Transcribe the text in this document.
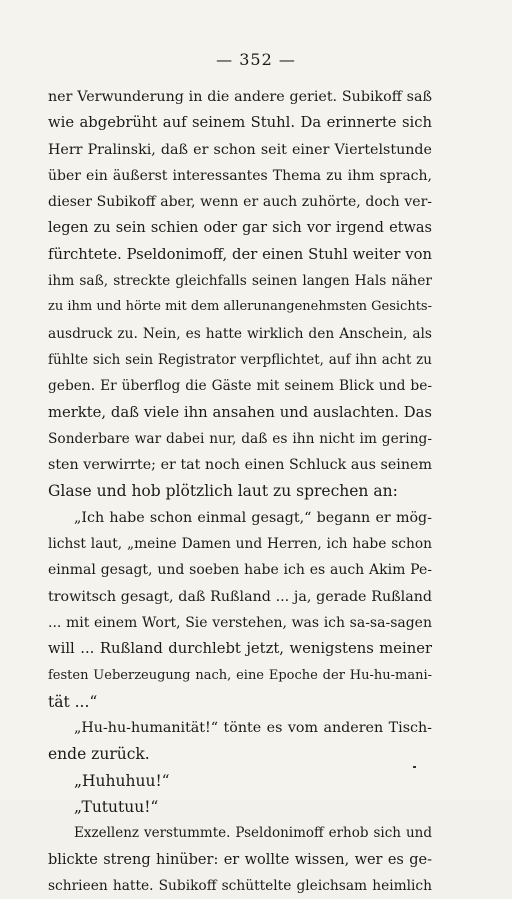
— 352 —
ner Verwunderung in die andere geriet. Subikoff saß
wie abgebrüht auf seinem Stuhl. Da erinnerte sich
Herr Pralinski, daß er schon seit einer Viertelstunde
über ein äußerst interessantes Thema zu ihm sprach,
dieser Subikoff aber, wenn er auch zuhörte, doch ver-
legen zu sein schien oder gar sich vor irgend etwas
fürchtete. Pseldonimoff, der einen Stuhl weiter von
ihm saß, streckte gleichfalls seinen langen Hals näher
zu ihm und hörte mit dem allerunangenehmsten Gesichts-
ausdruck zu. Nein, es hatte wirklich den Anschein, als
fühlte sich sein Registrator verpflichtet, auf ihn acht zu
geben. Er überflog die Gäste mit seinem Blick und be-
merkte, daß viele ihn ansahen und auslachten. Das
Sonderbare war dabei nur, daß es ihn nicht im gering-
sten verwirrte; er tat noch einen Schluck aus seinem
Glase und hob plötzlich laut zu sprechen an:
„Ich habe schon einmal gesagt,“ begann er mög-
lichst laut, „meine Damen und Herren, ich habe schon
einmal gesagt, und soeben habe ich es auch Akim Pe-
trowitsch gesagt, daß Rußland ... ja, gerade Rußland
... mit einem Wort, Sie verstehen, was ich sa-sa-sagen
will ... Rußland durchlebt jetzt, wenigstens meiner
festen Ueberzeugung nach, eine Epoche der Hu-hu-mani-
tät ...“
„Hu-hu-humanität!“ tönte es vom anderen Tisch-
ende zurück.
„Huhuhuu!“
„Tututuu!“
Exzellenz verstummte. Pseldonimoff erhob sich und
blickte streng hinüber: er wollte wissen, wer es ge-
schrieen hatte. Subikoff schüttelte gleichsam heimlich
